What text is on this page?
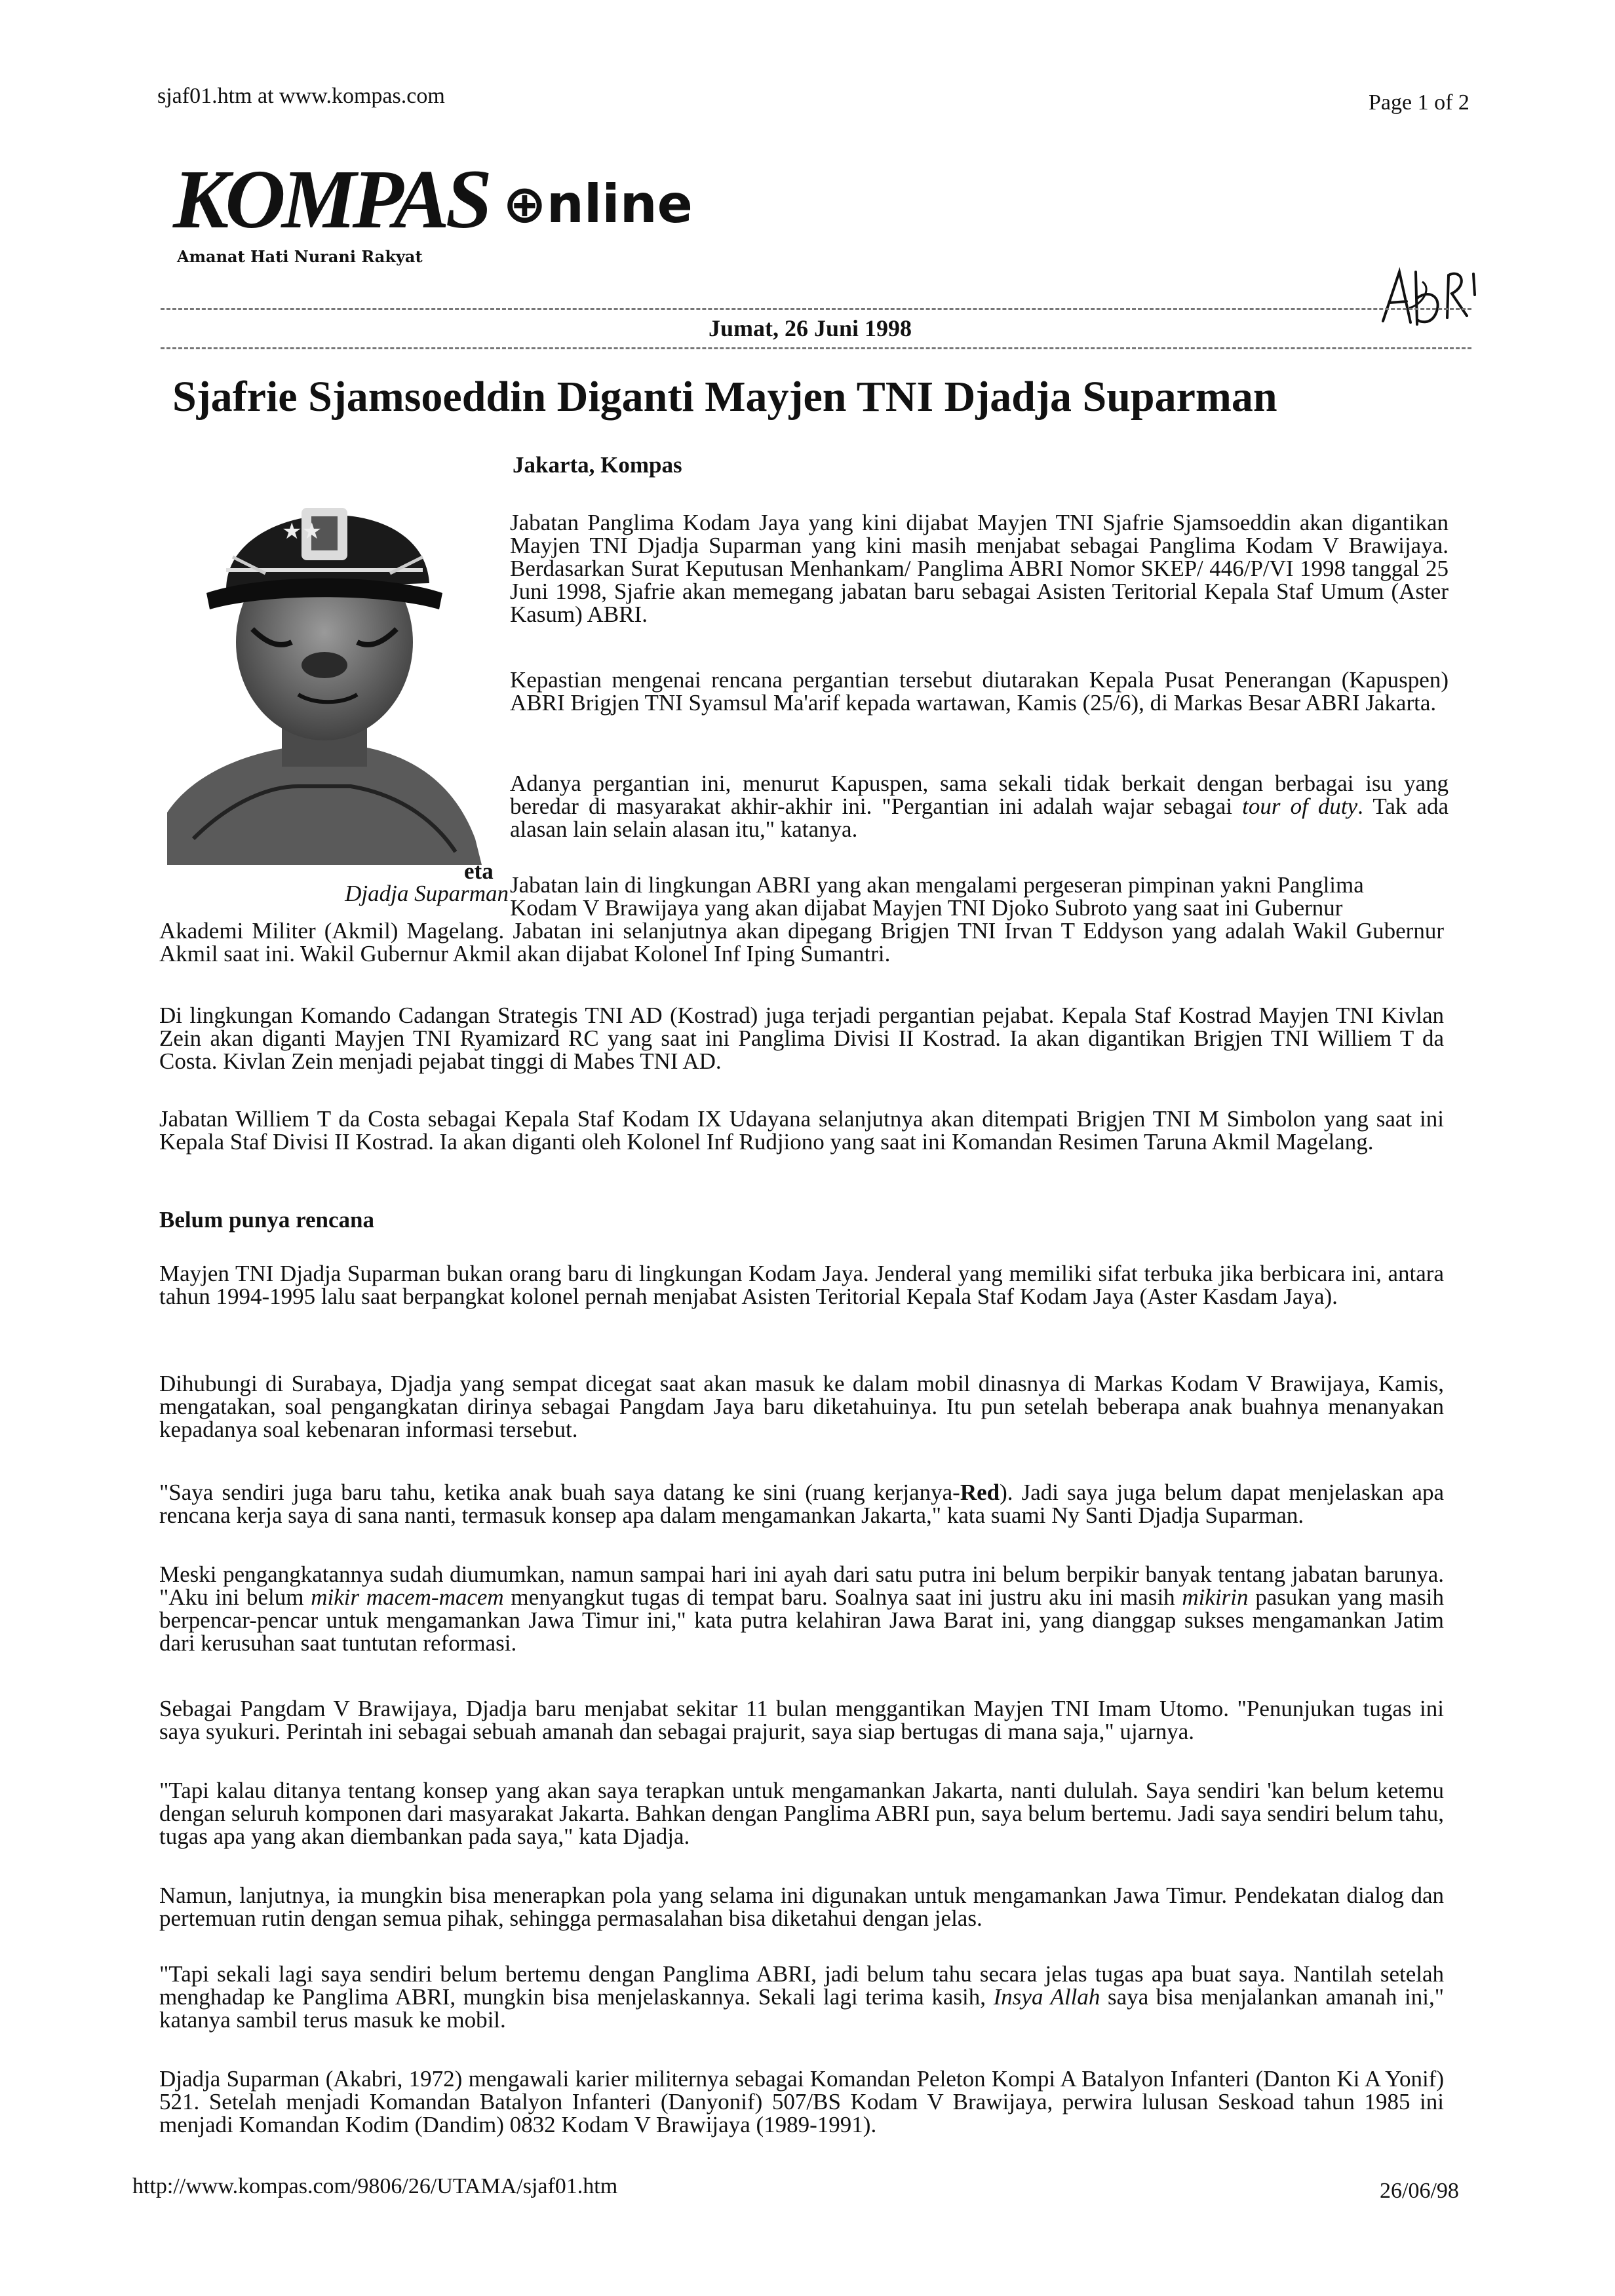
sjaf01.htm at www.kompas.com	Page 1 of 2
KOMPAS ⊕nline
Amanat Hati Nurani Rakyat
Jumat, 26 Juni 1998
Sjafrie Sjamsoeddin Diganti Mayjen TNI Djadja Suparman
★★
Jakarta, Kompas

Jabatan Panglima Kodam Jaya yang kini dijabat Mayjen TNI Sjafrie Sjamsoeddin akan digantikan Mayjen TNI Djadja Suparman yang kini masih menjabat sebagai Panglima Kodam V Brawijaya. Berdasarkan Surat Keputusan Menhankam/ Panglima ABRI Nomor SKEP/ 446/P/VI 1998 tanggal 25 Juni 1998, Sjafrie akan memegang jabatan baru sebagai Asisten Teritorial Kepala Staf Umum (Aster Kasum) ABRI.

Kepastian mengenai rencana pergantian tersebut diutarakan Kepala Pusat Penerangan (Kapuspen) ABRI Brigjen TNI Syamsul Ma'arif kepada wartawan, Kamis (25/6), di Markas Besar ABRI Jakarta.

Adanya pergantian ini, menurut Kapuspen, sama sekali tidak berkait dengan berbagai isu yang beredar di masyarakat akhir-akhir ini. "Pergantian ini adalah wajar sebagai tour of duty. Tak ada alasan lain selain alasan itu," katanya.

eta
Djadja Suparman Jabatan lain di lingkungan ABRI yang akan mengalami pergeseran pimpinan yakni Panglima
Kodam V Brawijaya yang akan dijabat Mayjen TNI Djoko Subroto yang saat ini Gubernur

Akademi Militer (Akmil) Magelang. Jabatan ini selanjutnya akan dipegang Brigjen TNI Irvan T Eddyson yang adalah Wakil Gubernur Akmil saat ini. Wakil Gubernur Akmil akan dijabat Kolonel Inf Iping Sumantri.

Di lingkungan Komando Cadangan Strategis TNI AD (Kostrad) juga terjadi pergantian pejabat. Kepala Staf Kostrad Mayjen TNI Kivlan Zein akan diganti Mayjen TNI Ryamizard RC yang saat ini Panglima Divisi II Kostrad. Ia akan digantikan Brigjen TNI Williem T da Costa. Kivlan Zein menjadi pejabat tinggi di Mabes TNI AD.

Jabatan Williem T da Costa sebagai Kepala Staf Kodam IX Udayana selanjutnya akan ditempati Brigjen TNI M Simbolon yang saat ini Kepala Staf Divisi II Kostrad. Ia akan diganti oleh Kolonel Inf Rudjiono yang saat ini Komandan Resimen Taruna Akmil Magelang.

Belum punya rencana

Mayjen TNI Djadja Suparman bukan orang baru di lingkungan Kodam Jaya. Jenderal yang memiliki sifat terbuka jika berbicara ini, antara tahun 1994-1995 lalu saat berpangkat kolonel pernah menjabat Asisten Teritorial Kepala Staf Kodam Jaya (Aster Kasdam Jaya).

Dihubungi di Surabaya, Djadja yang sempat dicegat saat akan masuk ke dalam mobil dinasnya di Markas Kodam V Brawijaya, Kamis, mengatakan, soal pengangkatan dirinya sebagai Pangdam Jaya baru diketahuinya. Itu pun setelah beberapa anak buahnya menanyakan kepadanya soal kebenaran informasi tersebut.

"Saya sendiri juga baru tahu, ketika anak buah saya datang ke sini (ruang kerjanya-Red). Jadi saya juga belum dapat menjelaskan apa rencana kerja saya di sana nanti, termasuk konsep apa dalam mengamankan Jakarta," kata suami Ny Santi Djadja Suparman.

Meski pengangkatannya sudah diumumkan, namun sampai hari ini ayah dari satu putra ini belum berpikir banyak tentang jabatan barunya. "Aku ini belum mikir macem-macem menyangkut tugas di tempat baru. Soalnya saat ini justru aku ini masih mikirin pasukan yang masih berpencar-pencar untuk mengamankan Jawa Timur ini," kata putra kelahiran Jawa Barat ini, yang dianggap sukses mengamankan Jatim dari kerusuhan saat tuntutan reformasi.

Sebagai Pangdam V Brawijaya, Djadja baru menjabat sekitar 11 bulan menggantikan Mayjen TNI Imam Utomo. "Penunjukan tugas ini saya syukuri. Perintah ini sebagai sebuah amanah dan sebagai prajurit, saya siap bertugas di mana saja," ujarnya.

"Tapi kalau ditanya tentang konsep yang akan saya terapkan untuk mengamankan Jakarta, nanti dululah. Saya sendiri 'kan belum ketemu dengan seluruh komponen dari masyarakat Jakarta. Bahkan dengan Panglima ABRI pun, saya belum bertemu. Jadi saya sendiri belum tahu, tugas apa yang akan diembankan pada saya," kata Djadja.

Namun, lanjutnya, ia mungkin bisa menerapkan pola yang selama ini digunakan untuk mengamankan Jawa Timur. Pendekatan dialog dan pertemuan rutin dengan semua pihak, sehingga permasalahan bisa diketahui dengan jelas.

"Tapi sekali lagi saya sendiri belum bertemu dengan Panglima ABRI, jadi belum tahu secara jelas tugas apa buat saya. Nantilah setelah menghadap ke Panglima ABRI, mungkin bisa menjelaskannya. Sekali lagi terima kasih, Insya Allah saya bisa menjalankan amanah ini," katanya sambil terus masuk ke mobil.

Djadja Suparman (Akabri, 1972) mengawali karier militernya sebagai Komandan Peleton Kompi A Batalyon Infanteri (Danton Ki A Yonif) 521. Setelah menjadi Komandan Batalyon Infanteri (Danyonif) 507/BS Kodam V Brawijaya, perwira lulusan Seskoad tahun 1985 ini menjadi Komandan Kodim (Dandim) 0832 Kodam V Brawijaya (1989-1991).

http://www.kompas.com/9806/26/UTAMA/sjaf01.htm	26/06/98
